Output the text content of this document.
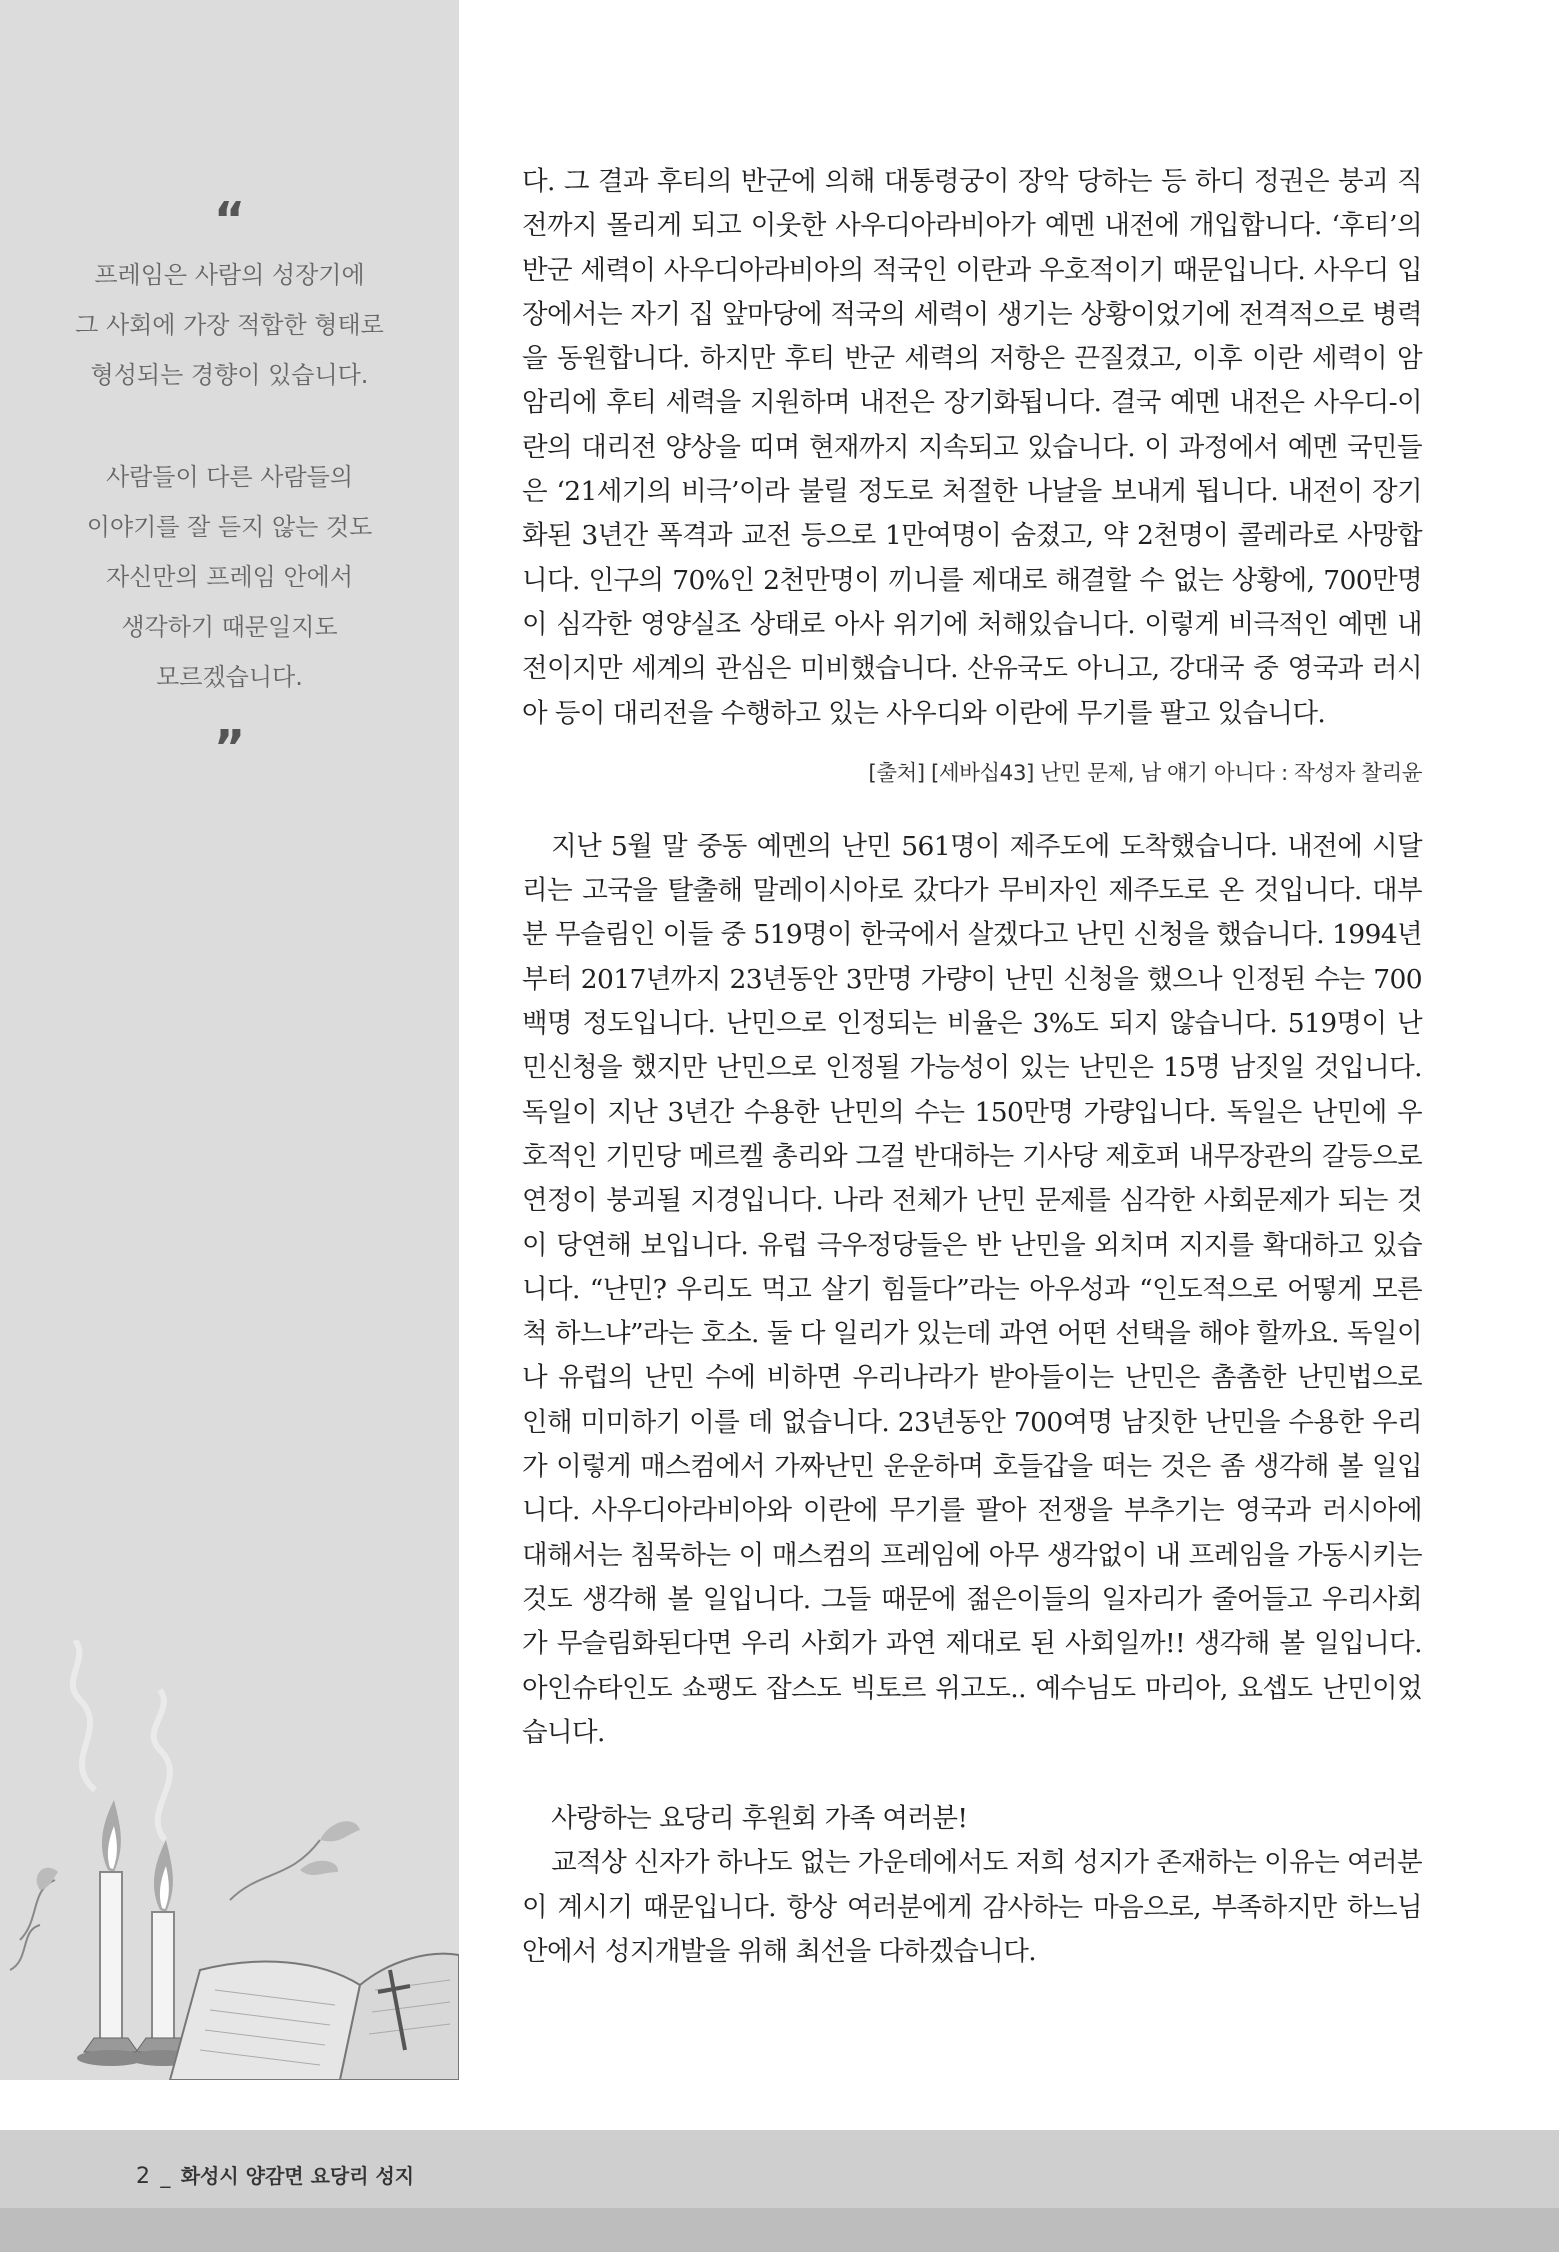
“

프레임은 사람의 성장기에
그 사회에 가장 적합한 형태로
형성되는 경향이 있습니다.

사람들이 다른 사람들의
이야기를 잘 듣지 않는 것도
자신만의 프레임 안에서
생각하기 때문일지도
모르겠습니다.

”

다. 그 결과 후티의 반군에 의해 대통령궁이 장악 당하는 등 하디 정권은 붕괴 직전까지 몰리게 되고 이웃한 사우디아라비아가 예멘 내전에 개입합니다. ‘후티’의 반군 세력이 사우디아라비아의 적국인 이란과 우호적이기 때문입니다. 사우디 입장에서는 자기 집 앞마당에 적국의 세력이 생기는 상황이었기에 전격적으로 병력을 동원합니다. 하지만 후티 반군 세력의 저항은 끈질겼고, 이후 이란 세력이 암암리에 후티 세력을 지원하며 내전은 장기화됩니다. 결국 예멘 내전은 사우디-이란의 대리전 양상을 띠며 현재까지 지속되고 있습니다. 이 과정에서 예멘 국민들은 ‘21세기의 비극’이라 불릴 정도로 처절한 나날을 보내게 됩니다. 내전이 장기화된 3년간 폭격과 교전 등으로 1만여명이 숨졌고, 약 2천명이 콜레라로 사망합니다. 인구의 70%인 2천만명이 끼니를 제대로 해결할 수 없는 상황에, 700만명이 심각한 영양실조 상태로 아사 위기에 처해있습니다. 이렇게 비극적인 예멘 내전이지만 세계의 관심은 미비했습니다. 산유국도 아니고, 강대국 중 영국과 러시아 등이 대리전을 수행하고 있는 사우디와 이란에 무기를 팔고 있습니다.

[출처] [세바십43] 난민 문제, 남 얘기 아니다 : 작성자 찰리윤

지난 5월 말 중동 예멘의 난민 561명이 제주도에 도착했습니다. 내전에 시달리는 고국을 탈출해 말레이시아로 갔다가 무비자인 제주도로 온 것입니다. 대부분 무슬림인 이들 중 519명이 한국에서 살겠다고 난민 신청을 했습니다. 1994년부터 2017년까지 23년동안 3만명 가량이 난민 신청을 했으나 인정된 수는 700백명 정도입니다. 난민으로 인정되는 비율은 3%도 되지 않습니다. 519명이 난민신청을 했지만 난민으로 인정될 가능성이 있는 난민은 15명 남짓일 것입니다. 독일이 지난 3년간 수용한 난민의 수는 150만명 가량입니다. 독일은 난민에 우호적인 기민당 메르켈 총리와 그걸 반대하는 기사당 제호퍼 내무장관의 갈등으로 연정이 붕괴될 지경입니다. 나라 전체가 난민 문제를 심각한 사회문제가 되는 것이 당연해 보입니다. 유럽 극우정당들은 반 난민을 외치며 지지를 확대하고 있습니다. “난민? 우리도 먹고 살기 힘들다”라는 아우성과 “인도적으로 어떻게 모른 척 하느냐”라는 호소. 둘 다 일리가 있는데 과연 어떤 선택을 해야 할까요. 독일이나 유럽의 난민 수에 비하면 우리나라가 받아들이는 난민은 촘촘한 난민법으로 인해 미미하기 이를 데 없습니다. 23년동안 700여명 남짓한 난민을 수용한 우리가 이렇게 매스컴에서 가짜난민 운운하며 호들갑을 떠는 것은 좀 생각해 볼 일입니다. 사우디아라비아와 이란에 무기를 팔아 전쟁을 부추기는 영국과 러시아에 대해서는 침묵하는 이 매스컴의 프레임에 아무 생각없이 내 프레임을 가동시키는 것도 생각해 볼 일입니다. 그들 때문에 젊은이들의 일자리가 줄어들고 우리사회가 무슬림화된다면 우리 사회가 과연 제대로 된 사회일까!! 생각해 볼 일입니다. 아인슈타인도 쇼팽도 잡스도 빅토르 위고도.. 예수님도 마리아, 요셉도 난민이었습니다.

사랑하는 요당리 후원회 가족 여러분!

교적상 신자가 하나도 없는 가운데에서도 저희 성지가 존재하는 이유는 여러분이 계시기 때문입니다. 항상 여러분에게 감사하는 마음으로, 부족하지만 하느님 안에서 성지개발을 위해 최선을 다하겠습니다.

2 _ 화성시 양감면 요당리 성지
